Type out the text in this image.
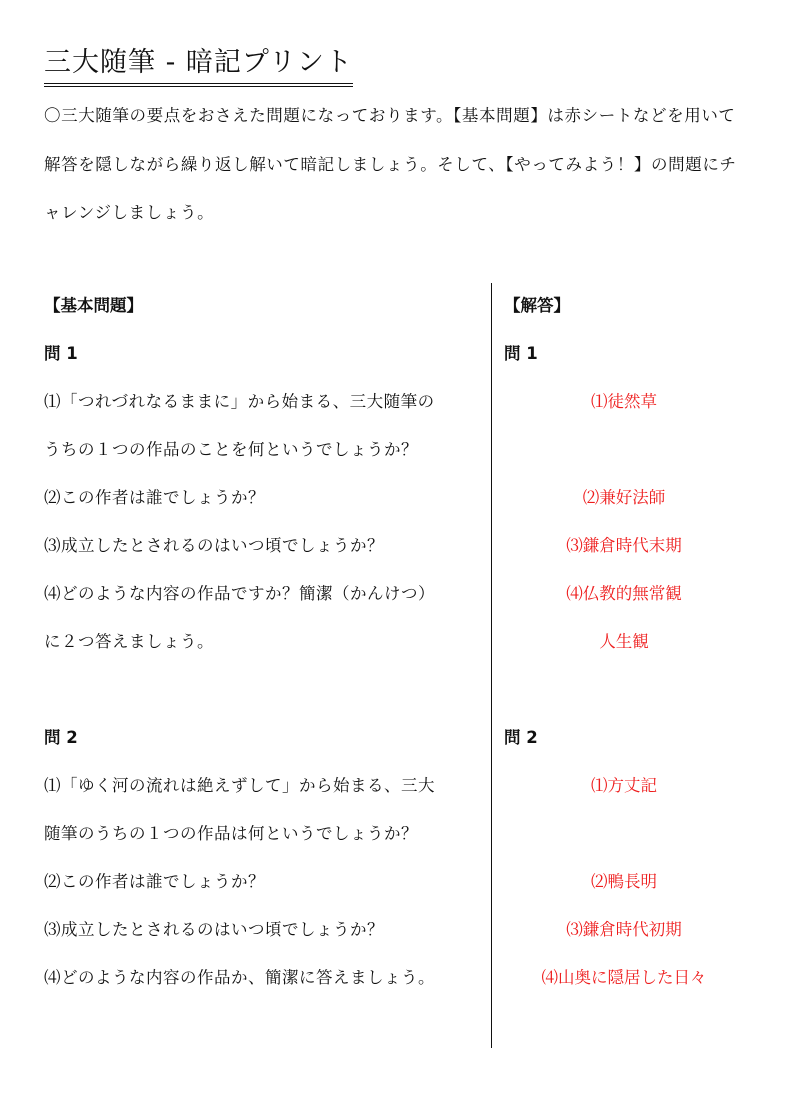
三大随筆 - 暗記プリント
〇三大随筆の要点をおさえた問題になっております。【基本問題】は赤シートなどを用いて解答を隠しながら繰り返し解いて暗記しましょう。そして、【やってみよう！】の問題にチャレンジしましょう。
【基本問題】
問 1
⑴「つれづれなるままに」から始まる、三大随筆の
うちの１つの作品のことを何というでしょうか？
⑵この作者は誰でしょうか？
⑶成立したとされるのはいつ頃でしょうか？
⑷どのような内容の作品ですか？簡潔（かんけつ）
に２つ答えましょう。
問 2
⑴「ゆく河の流れは絶えずして」から始まる、三大
随筆のうちの１つの作品は何というでしょうか？
⑵この作者は誰でしょうか？
⑶成立したとされるのはいつ頃でしょうか？
⑷どのような内容の作品か、簡潔に答えましょう。
【解答】
問 1
⑴徒然草
⑵兼好法師
⑶鎌倉時代末期
⑷仏教的無常観
人生観
問 2
⑴方丈記
⑵鴨長明
⑶鎌倉時代初期
⑷山奥に隠居した日々
